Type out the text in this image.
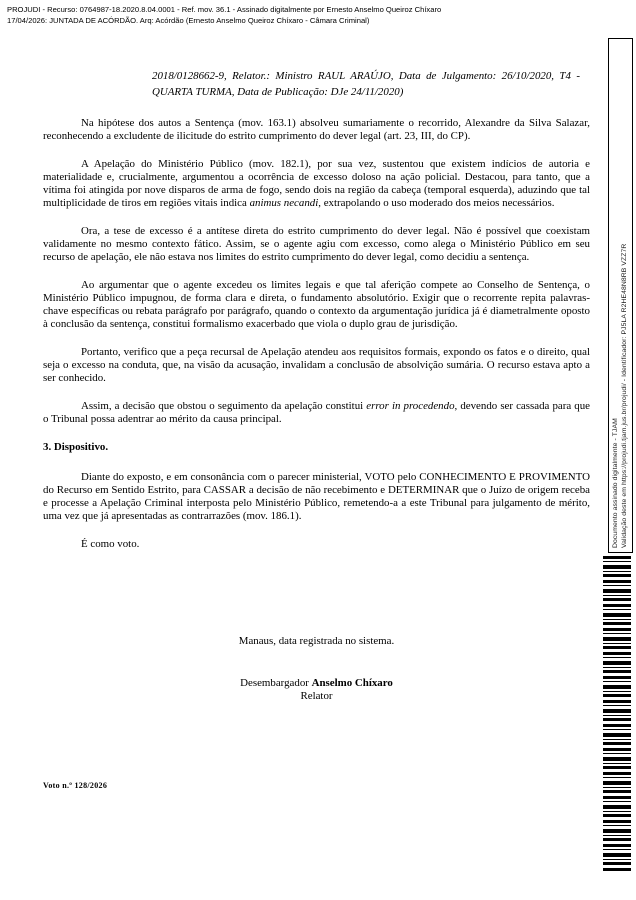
PROJUDI - Recurso: 0764987-18.2020.8.04.0001 - Ref. mov. 36.1 - Assinado digitalmente por Ernesto Anselmo Queiroz Chíxaro
17/04/2026: JUNTADA DE ACÓRDÃO. Arq: Acórdão (Ernesto Anselmo Queiroz Chíxaro - Câmara Criminal)
2018/0128662-9, Relator.: Ministro RAUL ARAÚJO, Data de Julgamento: 26/10/2020, T4 - QUARTA TURMA, Data de Publicação: DJe 24/11/2020)

Na hipótese dos autos a Sentença (mov. 163.1) absolveu sumariamente o recorrido, Alexandre da Silva Salazar, reconhecendo a excludente de ilicitude do estrito cumprimento do dever legal (art. 23, III, do CP).

A Apelação do Ministério Público (mov. 182.1), por sua vez, sustentou que existem indícios de autoria e materialidade e, crucialmente, argumentou a ocorrência de excesso doloso na ação policial. Destacou, para tanto, que a vítima foi atingida por nove disparos de arma de fogo, sendo dois na região da cabeça (temporal esquerda), aduzindo que tal multiplicidade de tiros em regiões vitais indica animus necandi, extrapolando o uso moderado dos meios necessários.

Ora, a tese de excesso é a antítese direta do estrito cumprimento do dever legal. Não é possível que coexistam validamente no mesmo contexto fático. Assim, se o agente agiu com excesso, como alega o Ministério Público em seu recurso de apelação, ele não estava nos limites do estrito cumprimento do dever legal, como decidiu a sentença.

Ao argumentar que o agente excedeu os limites legais e que tal aferição compete ao Conselho de Sentença, o Ministério Público impugnou, de forma clara e direta, o fundamento absolutório. Exigir que o recorrente repita palavras-chave específicas ou rebata parágrafo por parágrafo, quando o contexto da argumentação jurídica já é diametralmente oposto à conclusão da sentença, constitui formalismo exacerbado que viola o duplo grau de jurisdição.

Portanto, verifico que a peça recursal de Apelação atendeu aos requisitos formais, expondo os fatos e o direito, qual seja o excesso na conduta, que, na visão da acusação, invalidam a conclusão de absolvição sumária. O recurso estava apto a ser conhecido.

Assim, a decisão que obstou o seguimento da apelação constitui error in procedendo, devendo ser cassada para que o Tribunal possa adentrar ao mérito da causa principal.

3. Dispositivo.

Diante do exposto, e em consonância com o parecer ministerial, VOTO pelo CONHECIMENTO E PROVIMENTO do Recurso em Sentido Estrito, para CASSAR a decisão de não recebimento e DETERMINAR que o Juízo de origem receba e processe a Apelação Criminal interposta pelo Ministério Público, remetendo-a a este Tribunal para julgamento de mérito, uma vez que já apresentadas as contrarrazões (mov. 186.1).

É como voto.

Manaus, data registrada no sistema.
Desembargador Anselmo Chíxaro
Relator
Voto n.º 128/2026
Documento assinado digitalmente - TJAM Validação deste em https://projudi.tjam.jus.br/projudi/ - Identificador: PJ5LA R2HE48N8RB VZZ7R
